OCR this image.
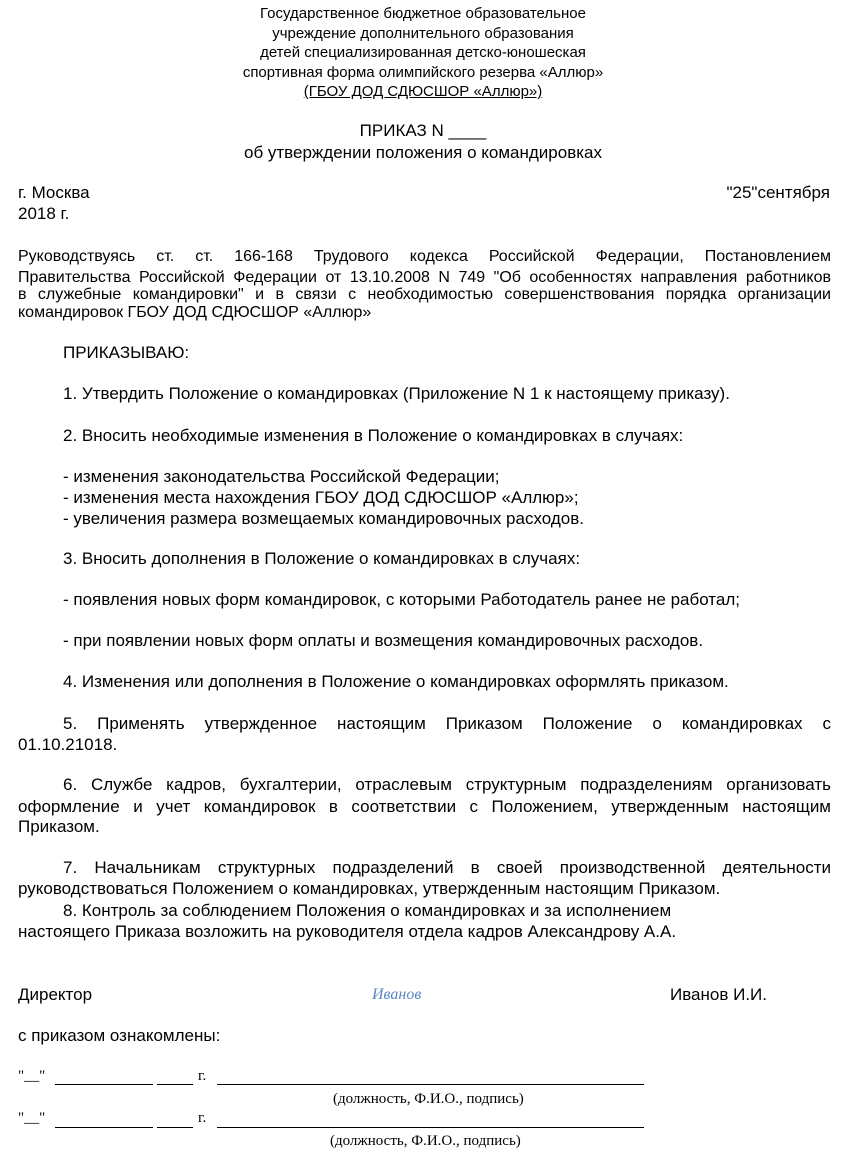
Государственное бюджетное образовательное
учреждение дополнительного образования
детей специализированная детско-юношеская
спортивная форма олимпийского резерва «Аллюр»
(ГБОУ ДОД СДЮСШОР «Аллюр»)
ПРИКАЗ N ____
об утверждении положения о командировках
г. Москва	"25"сентября
2018 г.
Руководствуясь ст. ст. 166-168 Трудового кодекса Российской Федерации, Постановлением
Правительства Российской Федерации от 13.10.2008 N 749 "Об особенностях направления работников
в служебные командировки" и в связи с необходимостью совершенствования порядка организации
командировок ГБОУ ДОД СДЮСШОР «Аллюр»
ПРИКАЗЫВАЮ:
1. Утвердить Положение о командировках (Приложение N 1 к настоящему приказу).
2. Вносить необходимые изменения в Положение о командировках в случаях:
- изменения законодательства Российской Федерации;
- изменения места нахождения ГБОУ ДОД СДЮСШОР «Аллюр»;
- увеличения размера возмещаемых командировочных расходов.
3. Вносить дополнения в Положение о командировках в случаях:
- появления новых форм командировок, с которыми Работодатель ранее не работал;
- при появлении новых форм оплаты и возмещения командировочных расходов.
4. Изменения или дополнения в Положение о командировках оформлять приказом.
5. Применять утвержденное настоящим Приказом Положение о командировках с
01.10.21018.
6. Службе кадров, бухгалтерии, отраслевым структурным подразделениям организовать
оформление и учет командировок в соответствии с Положением, утвержденным настоящим
Приказом.
7. Начальникам структурных подразделений в своей производственной деятельности
руководствоваться Положением о командировках, утвержденным настоящим Приказом.
8. Контроль за соблюдением Положения о командировках и за исполнением
настоящего Приказа возложить на руководителя отдела кадров Александрову А.А.
Директор	Иванов	Иванов И.И.
с приказом ознакомлены:
"__"	г.
(должность, Ф.И.О., подпись)
"__"	г.
(должность, Ф.И.О., подпись)
